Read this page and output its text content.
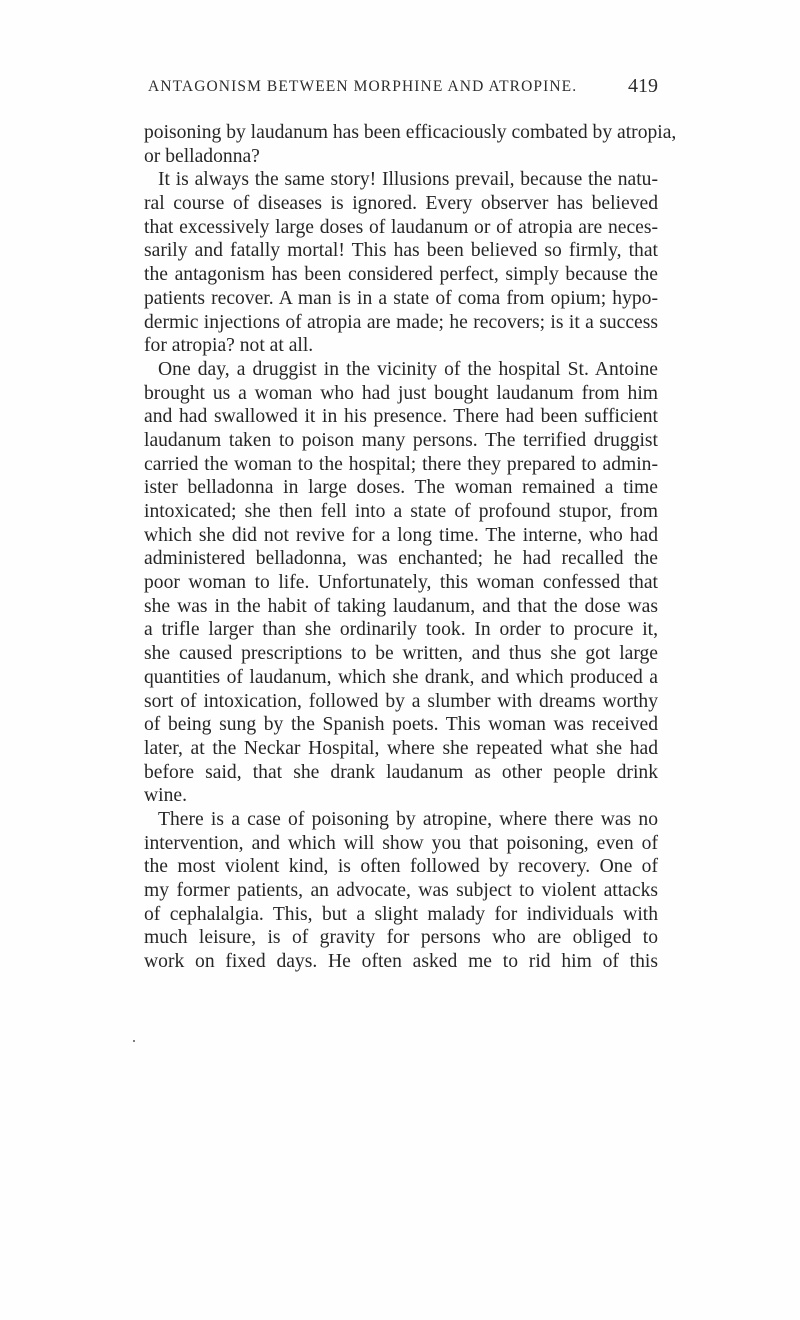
ANTAGONISM BETWEEN MORPHINE AND ATROPINE.	419
poisoning by laudanum has been efficaciously combated by atropia,
or belladonna?
It is always the same story! Illusions prevail, because the natu-
ral course of diseases is ignored. Every observer has believed
that excessively large doses of laudanum or of atropia are neces-
sarily and fatally mortal! This has been believed so firmly, that
the antagonism has been considered perfect, simply because the
patients recover. A man is in a state of coma from opium; hypo-
dermic injections of atropia are made; he recovers; is it a success
for atropia? not at all.
One day, a druggist in the vicinity of the hospital St. Antoine
brought us a woman who had just bought laudanum from him
and had swallowed it in his presence. There had been sufficient
laudanum taken to poison many persons. The terrified druggist
carried the woman to the hospital; there they prepared to admin-
ister belladonna in large doses. The woman remained a time
intoxicated; she then fell into a state of profound stupor, from
which she did not revive for a long time. The interne, who had
administered belladonna, was enchanted; he had recalled the
poor woman to life. Unfortunately, this woman confessed that
she was in the habit of taking laudanum, and that the dose was
a trifle larger than she ordinarily took. In order to procure it,
she caused prescriptions to be written, and thus she got large
quantities of laudanum, which she drank, and which produced a
sort of intoxication, followed by a slumber with dreams worthy
of being sung by the Spanish poets. This woman was received
later, at the Neckar Hospital, where she repeated what she had
before said, that she drank laudanum as other people drink
wine.
There is a case of poisoning by atropine, where there was no
intervention, and which will show you that poisoning, even of
the most violent kind, is often followed by recovery. One of
my former patients, an advocate, was subject to violent attacks
of cephalalgia. This, but a slight malady for individuals with
much leisure, is of gravity for persons who are obliged to
work on fixed days. He often asked me to rid him of this
